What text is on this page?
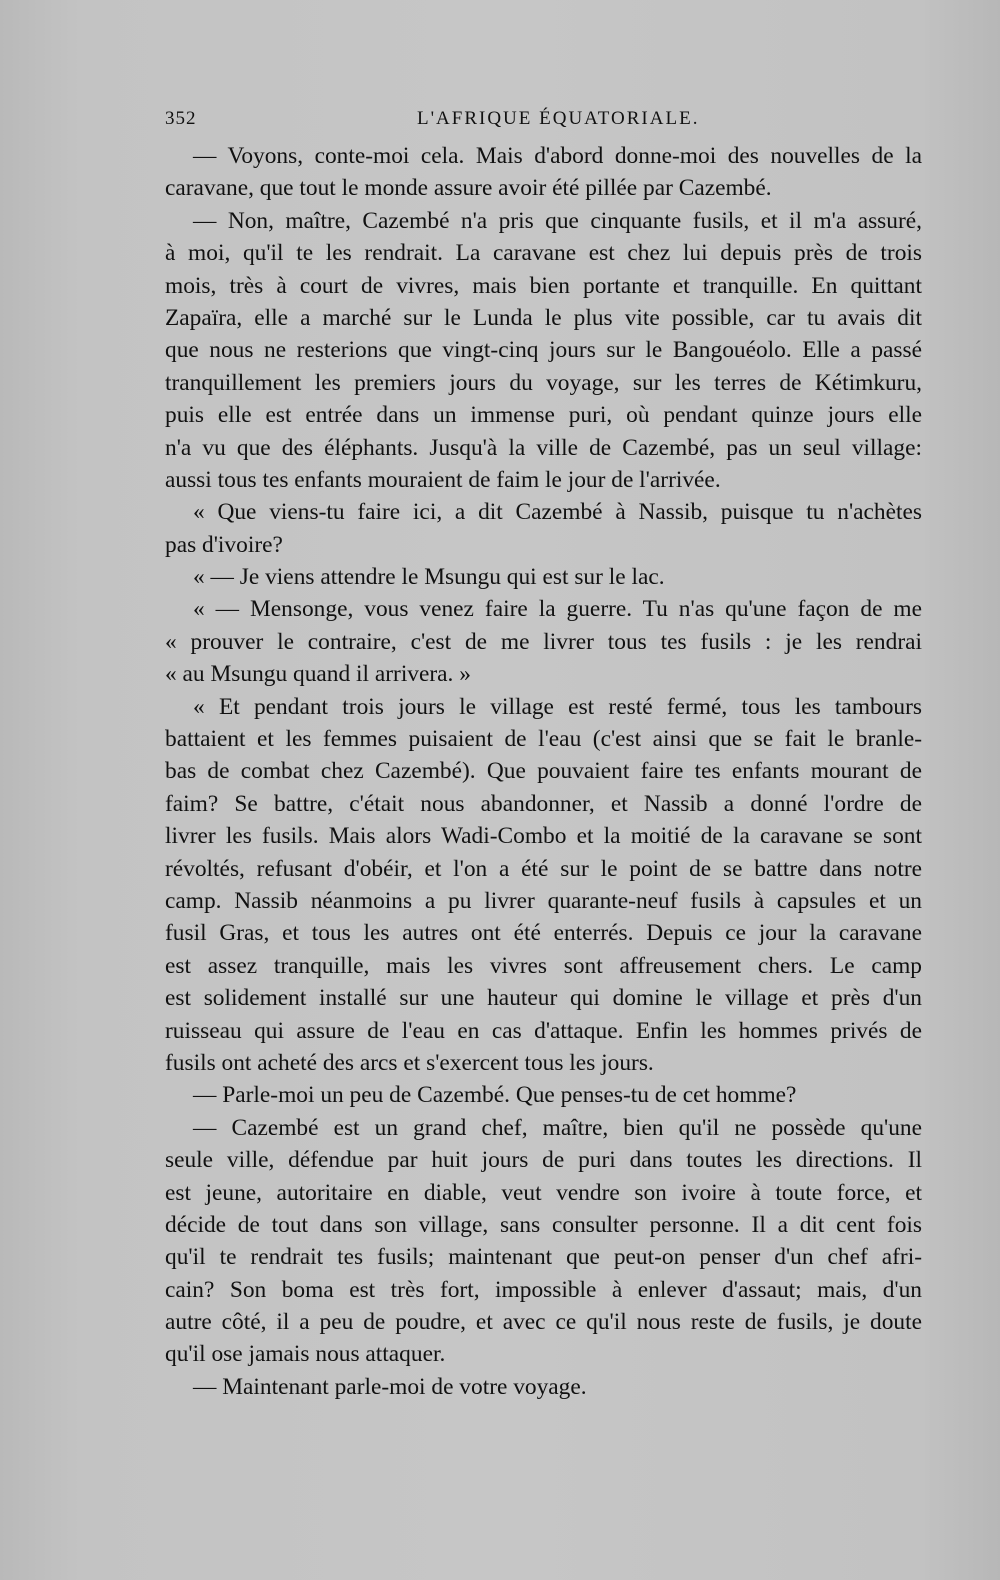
352	L'AFRIQUE ÉQUATORIALE.
— Voyons, conte-moi cela. Mais d'abord donne-moi des nouvelles de la
caravane, que tout le monde assure avoir été pillée par Cazembé.
— Non, maître, Cazembé n'a pris que cinquante fusils, et il m'a assuré,
à moi, qu'il te les rendrait. La caravane est chez lui depuis près de trois
mois, très à court de vivres, mais bien portante et tranquille. En quittant
Zapaïra, elle a marché sur le Lunda le plus vite possible, car tu avais dit
que nous ne resterions que vingt-cinq jours sur le Bangouéolo. Elle a passé
tranquillement les premiers jours du voyage, sur les terres de Kétimkuru,
puis elle est entrée dans un immense puri, où pendant quinze jours elle
n'a vu que des éléphants. Jusqu'à la ville de Cazembé, pas un seul village:
aussi tous tes enfants mouraient de faim le jour de l'arrivée.
« Que viens-tu faire ici, a dit Cazembé à Nassib, puisque tu n'achètes
pas d'ivoire?
« — Je viens attendre le Msungu qui est sur le lac.
« — Mensonge, vous venez faire la guerre. Tu n'as qu'une façon de me
« prouver le contraire, c'est de me livrer tous tes fusils : je les rendrai
« au Msungu quand il arrivera. »
« Et pendant trois jours le village est resté fermé, tous les tambours
battaient et les femmes puisaient de l'eau (c'est ainsi que se fait le branle-
bas de combat chez Cazembé). Que pouvaient faire tes enfants mourant de
faim? Se battre, c'était nous abandonner, et Nassib a donné l'ordre de
livrer les fusils. Mais alors Wadi-Combo et la moitié de la caravane se sont
révoltés, refusant d'obéir, et l'on a été sur le point de se battre dans notre
camp. Nassib néanmoins a pu livrer quarante-neuf fusils à capsules et un
fusil Gras, et tous les autres ont été enterrés. Depuis ce jour la caravane
est assez tranquille, mais les vivres sont affreusement chers. Le camp
est solidement installé sur une hauteur qui domine le village et près d'un
ruisseau qui assure de l'eau en cas d'attaque. Enfin les hommes privés de
fusils ont acheté des arcs et s'exercent tous les jours.
— Parle-moi un peu de Cazembé. Que penses-tu de cet homme?
— Cazembé est un grand chef, maître, bien qu'il ne possède qu'une
seule ville, défendue par huit jours de puri dans toutes les directions. Il
est jeune, autoritaire en diable, veut vendre son ivoire à toute force, et
décide de tout dans son village, sans consulter personne. Il a dit cent fois
qu'il te rendrait tes fusils; maintenant que peut-on penser d'un chef afri-
cain? Son boma est très fort, impossible à enlever d'assaut; mais, d'un
autre côté, il a peu de poudre, et avec ce qu'il nous reste de fusils, je doute
qu'il ose jamais nous attaquer.
— Maintenant parle-moi de votre voyage.
